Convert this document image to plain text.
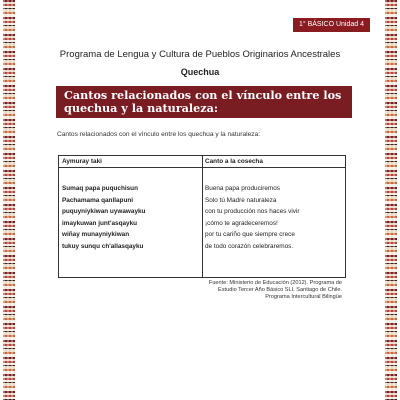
1° BÁSICO Unidad 4
Programa de Lengua y Cultura de Pueblos Originarios Ancestrales
Quechua
Cantos relacionados con el vínculo entre los quechua y la naturaleza:
Cantos relacionados con el vínculo entre los quechua y la naturaleza:
Aymuray taki
Sumaq papa puquchisun
Pachamama qanllapuni
puquyniykiwan uywawayku
imaykuwan junt'asqayku
wiñay munayniykiwan
tukuy sunqu ch'allasqayku
Canto a la cosecha
Buena papa produciremos
Solo tú Madre naturaleza
con tu producción nos haces vivir
¡cómo te agradeceremos!
por tu cariño que siempre crece
de todo corazón celebraremos.
Fuente: Ministerio de Educación (2012). Programa de
Estudio Tercer Año Básico SLI. Santiago de Chile.
Programa Intercultural Bilingüe
